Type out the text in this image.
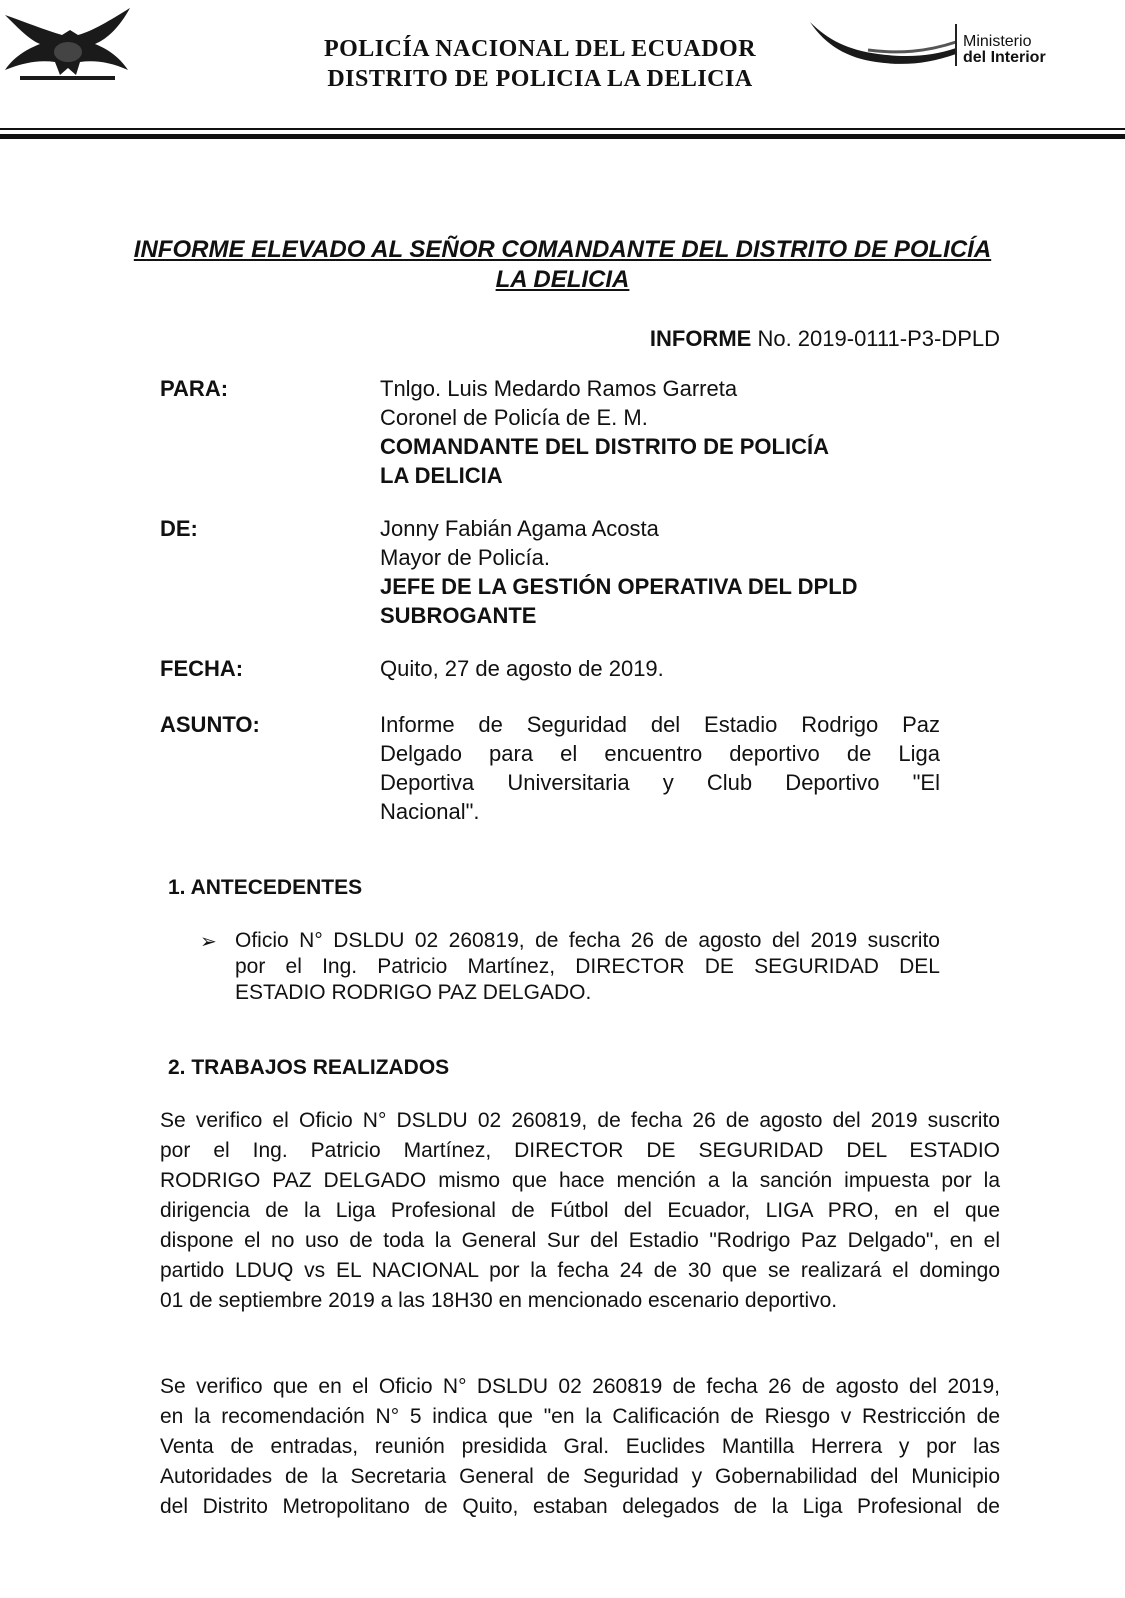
POLICÍA NACIONAL DEL ECUADOR
DISTRITO DE POLICIA LA DELICIA
Ministerio
del Interior
INFORME ELEVADO AL SEÑOR COMANDANTE DEL DISTRITO DE POLICÍA
LA DELICIA
INFORME No. 2019-0111-P3-DPLD
PARA:	Tnlgo. Luis Medardo Ramos Garreta
Coronel de Policía de E. M.
COMANDANTE DEL DISTRITO DE POLICÍA
LA DELICIA
DE:	Jonny Fabián Agama Acosta
Mayor de Policía.
JEFE DE LA GESTIÓN OPERATIVA DEL DPLD
SUBROGANTE
FECHA:	Quito, 27 de agosto de 2019.
ASUNTO:	Informe de Seguridad del Estadio Rodrigo Paz
Delgado para el encuentro deportivo de Liga
Deportiva Universitaria y Club Deportivo "El
Nacional".
1. ANTECEDENTES
➢ Oficio N° DSLDU 02 260819, de fecha 26 de agosto del 2019 suscrito
por el Ing. Patricio Martínez, DIRECTOR DE SEGURIDAD DEL
ESTADIO RODRIGO PAZ DELGADO.
2. TRABAJOS REALIZADOS
Se verifico el Oficio N° DSLDU 02 260819, de fecha 26 de agosto del 2019 suscrito
por el Ing. Patricio Martínez, DIRECTOR DE SEGURIDAD DEL ESTADIO
RODRIGO PAZ DELGADO mismo que hace mención a la sanción impuesta por la
dirigencia de la Liga Profesional de Fútbol del Ecuador, LIGA PRO, en el que
dispone el no uso de toda la General Sur del Estadio "Rodrigo Paz Delgado", en el
partido LDUQ vs EL NACIONAL por la fecha 24 de 30 que se realizará el domingo
01 de septiembre 2019 a las 18H30 en mencionado escenario deportivo.
Se verifico que en el Oficio N° DSLDU 02 260819 de fecha 26 de agosto del 2019,
en la recomendación N° 5 indica que "en la Calificación de Riesgo v Restricción de
Venta de entradas, reunión presidida Gral. Euclides Mantilla Herrera y por las
Autoridades de la Secretaria General de Seguridad y Gobernabilidad del Municipio
del Distrito Metropolitano de Quito, estaban delegados de la Liga Profesional de
